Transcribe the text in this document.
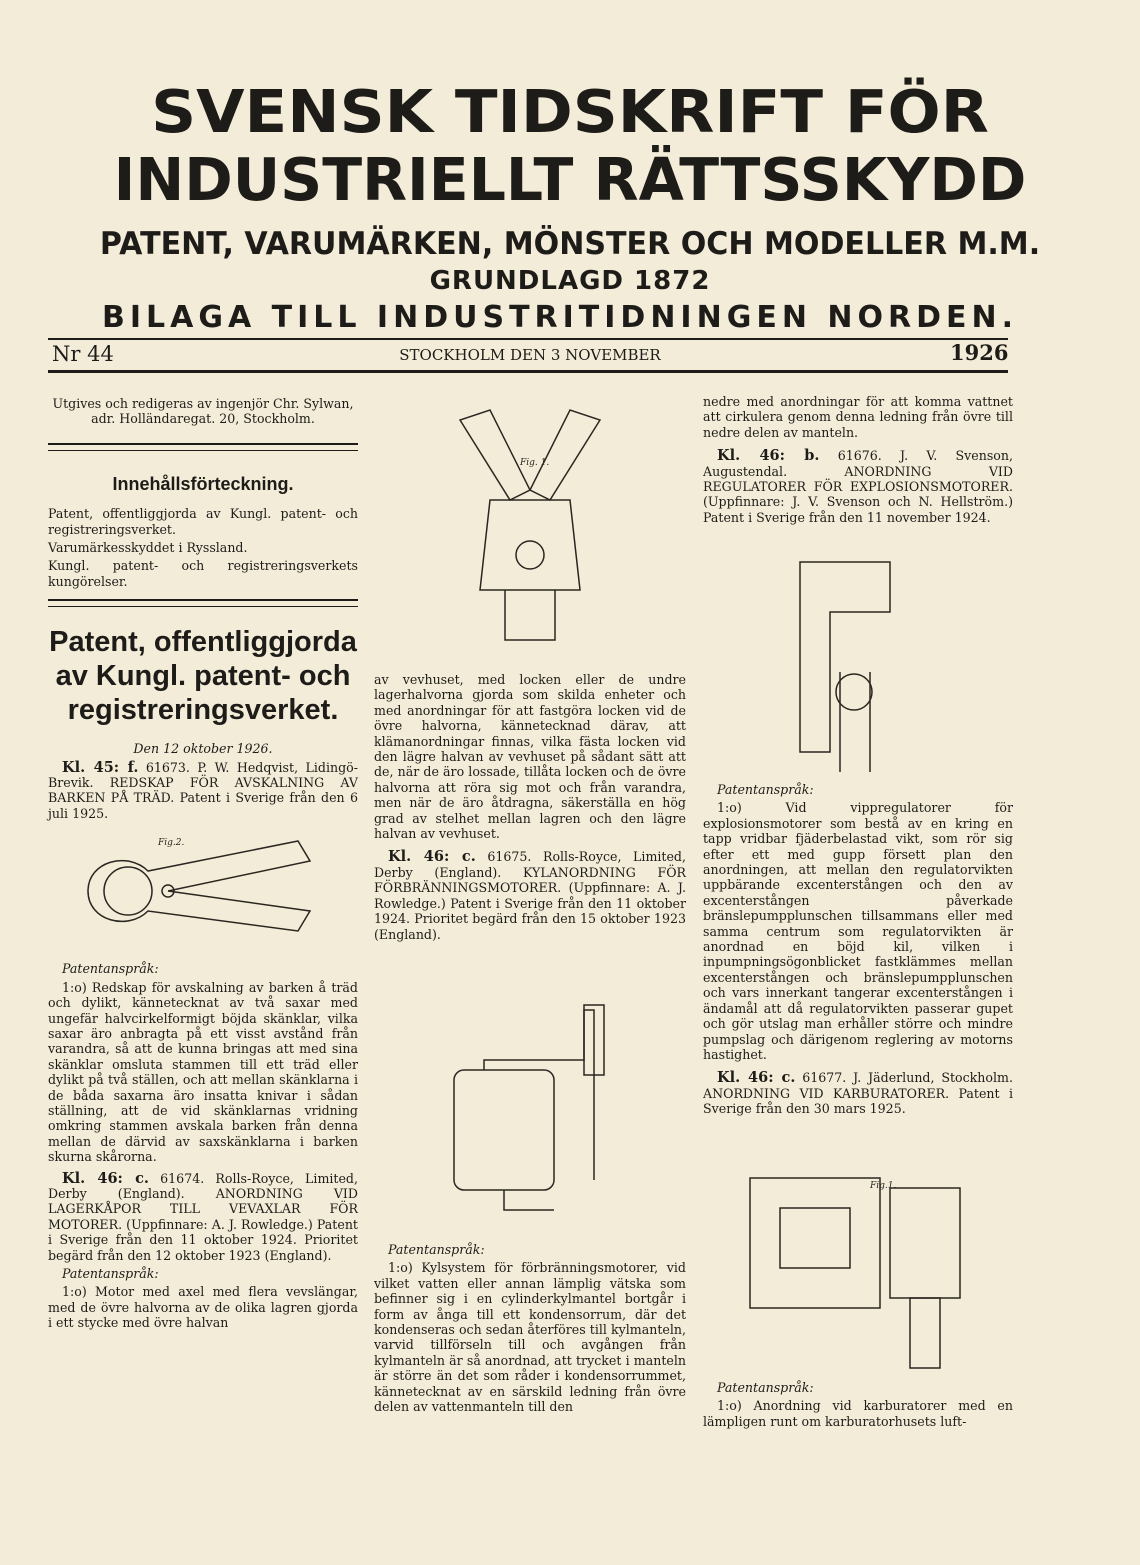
SVENSK TIDSKRIFT FÖR
INDUSTRIELLT RÄTTSSKYDD
PATENT, VARUMÄRKEN, MÖNSTER OCH MODELLER M.M.
GRUNDLAGD 1872
BILAGA TILL INDUSTRITIDNINGEN NORDEN.
Nr 44	STOCKHOLM DEN 3 NOVEMBER	1926

Utgives och redigeras av ingenjör Chr. Sylwan, adr. Holländaregat. 20, Stockholm.

Innehållsförteckning.

Patent, offentliggjorda av Kungl. patent- och registreringsverket.

Varumärkesskyddet i Ryssland.

Kungl. patent- och registreringsverkets kungörelser.

Patent, offentliggjorda av Kungl. patent- och registreringsverket.

Den 12 oktober 1926.

Kl. 45: f. 61673. P. W. Hedqvist, Lidingö-Brevik. REDSKAP FÖR AVSKALNING AV BARKEN PÅ TRÄD. Patent i Sverige från den 6 juli 1925.

Fig.2.

Patentanspråk:

1:o) Redskap för avskalning av barken å träd och dylikt, kännetecknat av två saxar med ungefär halvcirkelformigt böjda skänklar, vilka saxar äro anbragta på ett visst avstånd från varandra, så att de kunna bringas att med sina skänklar omsluta stammen till ett träd eller dylikt på två ställen, och att mellan skänklarna i de båda saxarna äro insatta knivar i sådan ställning, att de vid skänklarnas vridning omkring stammen avskala barken från denna mellan de därvid av saxskänklarna i barken skurna skårorna.

Kl. 46: c. 61674. Rolls-Royce, Limited, Derby (England). ANORDNING VID LAGERKÅPOR TILL VEVAXLAR FÖR MOTORER. (Uppfinnare: A. J. Rowledge.) Patent i Sverige från den 11 oktober 1924. Prioritet begärd från den 12 oktober 1923 (England).

Patentanspråk:

1:o) Motor med axel med flera vevslängar, med de övre halvorna av de olika lagren gjorda i ett stycke med övre halvan

Fig. 1.

av vevhuset, med locken eller de undre lagerhalvorna gjorda som skilda enheter och med anordningar för att fastgöra locken vid de övre halvorna, kännetecknad därav, att klämanordningar finnas, vilka fästa locken vid den lägre halvan av vevhuset på sådant sätt att de, när de äro lossade, tillåta locken och de övre halvorna att röra sig mot och från varandra, men när de äro åtdragna, säkerställa en hög grad av stelhet mellan lagren och den lägre halvan av vevhuset.

Kl. 46: c. 61675. Rolls-Royce, Limited, Derby (England). KYLANORDNING FÖR FÖRBRÄNNINGSMOTORER. (Uppfinnare: A. J. Rowledge.) Patent i Sverige från den 11 oktober 1924. Prioritet begärd från den 15 oktober 1923 (England).

Patentanspråk:

1:o) Kylsystem för förbränningsmotorer, vid vilket vatten eller annan lämplig vätska som befinner sig i en cylinderkylmantel bortgår i form av ånga till ett kondensorrum, där det kondenseras och sedan återföres till kylmanteln, varvid tillförseln till och avgången från kylmanteln är så anordnad, att trycket i manteln är större än det som råder i kondensorrummet, kännetecknat av en särskild ledning från övre delen av vattenmanteln till den

nedre med anordningar för att komma vattnet att cirkulera genom denna ledning från övre till nedre delen av manteln.

Kl. 46: b. 61676. J. V. Svenson, Augustendal. ANORDNING VID REGULATORER FÖR EXPLOSIONSMOTORER. (Uppfinnare: J. V. Svenson och N. Hellström.) Patent i Sverige från den 11 november 1924.

Patentanspråk:

1:o) Vid vippregulatorer för explosionsmotorer som bestå av en kring en tapp vridbar fjäderbelastad vikt, som rör sig efter ett med gupp försett plan den anordningen, att mellan den regulatorvikten uppbärande excenterstången och den av excenterstången påverkade bränslepumpplunschen tillsammans eller med samma centrum som regulatorvikten är anordnad en böjd kil, vilken i inpumpningsögonblicket fastklämmes mellan excenterstången och bränslepumpplunschen och vars innerkant tangerar excenterstången i ändamål att då regulatorvikten passerar gupet och gör utslag man erhåller större och mindre pumpslag och därigenom reglering av motorns hastighet.

Kl. 46: c. 61677. J. Jäderlund, Stockholm. ANORDNING VID KARBURATORER. Patent i Sverige från den 30 mars 1925.

Fig.1.

Patentanspråk:

1:o) Anordning vid karburatorer med en lämpligen runt om karburatorhusets luft-
